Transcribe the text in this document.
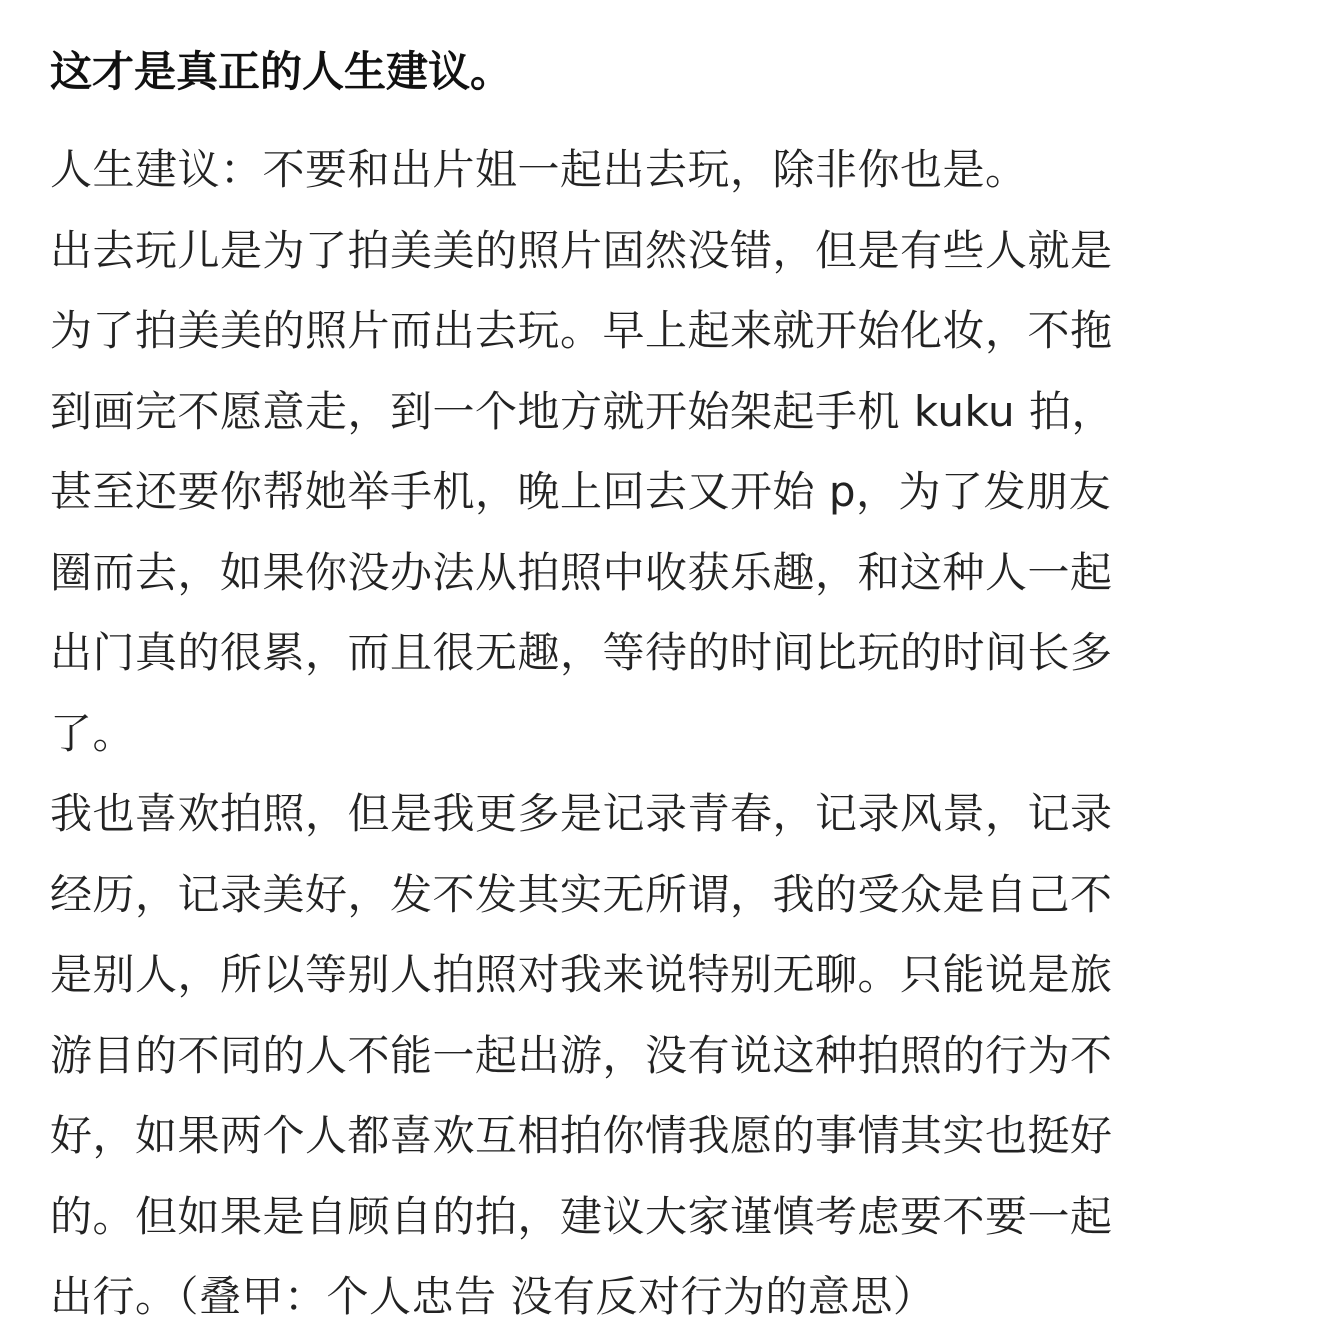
这才是真正的人生建议。
人生建议：不要和出片姐一起出去玩，除非你也是。
出去玩儿是为了拍美美的照片固然没错，但是有些人就是
为了拍美美的照片而出去玩。早上起来就开始化妆，不拖
到画完不愿意走，到一个地方就开始架起手机 kuku 拍，
甚至还要你帮她举手机，晚上回去又开始 p，为了发朋友
圈而去，如果你没办法从拍照中收获乐趣，和这种人一起
出门真的很累，而且很无趣，等待的时间比玩的时间长多
了。
我也喜欢拍照，但是我更多是记录青春，记录风景，记录
经历，记录美好，发不发其实无所谓，我的受众是自己不
是别人，所以等别人拍照对我来说特别无聊。只能说是旅
游目的不同的人不能一起出游，没有说这种拍照的行为不
好，如果两个人都喜欢互相拍你情我愿的事情其实也挺好
的。但如果是自顾自的拍，建议大家谨慎考虑要不要一起
出行。（叠甲：个人忠告 没有反对行为的意思）
